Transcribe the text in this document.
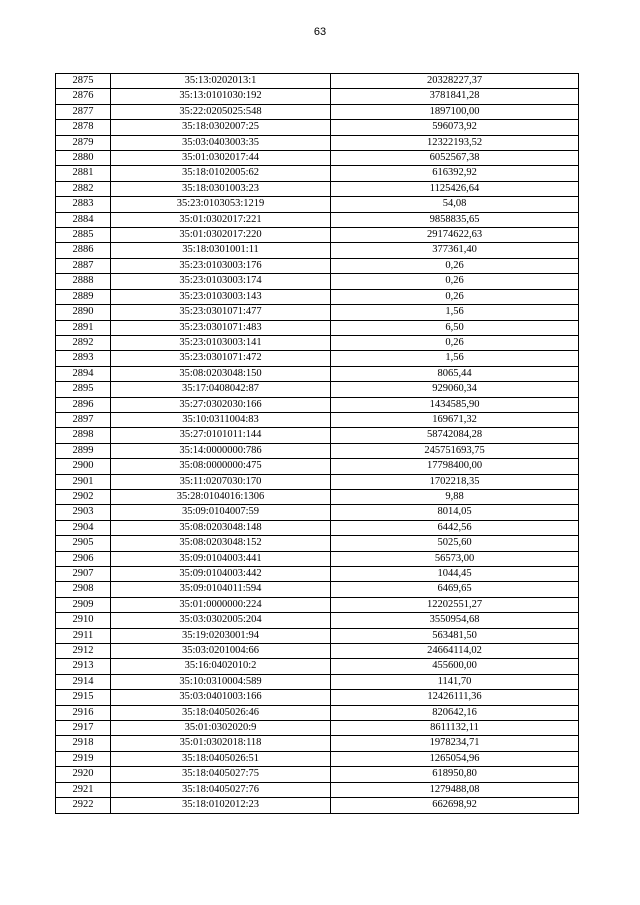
63
2875	35:13:0202013:1	20328227,37
2876	35:13:0101030:192	3781841,28
2877	35:22:0205025:548	1897100,00
2878	35:18:0302007:25	596073,92
2879	35:03:0403003:35	12322193,52
2880	35:01:0302017:44	6052567,38
2881	35:18:0102005:62	616392,92
2882	35:18:0301003:23	1125426,64
2883	35:23:0103053:1219	54,08
2884	35:01:0302017:221	9858835,65
2885	35:01:0302017:220	29174622,63
2886	35:18:0301001:11	377361,40
2887	35:23:0103003:176	0,26
2888	35:23:0103003:174	0,26
2889	35:23:0103003:143	0,26
2890	35:23:0301071:477	1,56
2891	35:23:0301071:483	6,50
2892	35:23:0103003:141	0,26
2893	35:23:0301071:472	1,56
2894	35:08:0203048:150	8065,44
2895	35:17:0408042:87	929060,34
2896	35:27:0302030:166	1434585,90
2897	35:10:0311004:83	169671,32
2898	35:27:0101011:144	58742084,28
2899	35:14:0000000:786	245751693,75
2900	35:08:0000000:475	17798400,00
2901	35:11:0207030:170	1702218,35
2902	35:28:0104016:1306	9,88
2903	35:09:0104007:59	8014,05
2904	35:08:0203048:148	6442,56
2905	35:08:0203048:152	5025,60
2906	35:09:0104003:441	56573,00
2907	35:09:0104003:442	1044,45
2908	35:09:0104011:594	6469,65
2909	35:01:0000000:224	12202551,27
2910	35:03:0302005:204	3550954,68
2911	35:19:0203001:94	563481,50
2912	35:03:0201004:66	24664114,02
2913	35:16:0402010:2	455600,00
2914	35:10:0310004:589	1141,70
2915	35:03:0401003:166	12426111,36
2916	35:18:0405026:46	820642,16
2917	35:01:0302020:9	8611132,11
2918	35:01:0302018:118	1978234,71
2919	35:18:0405026:51	1265054,96
2920	35:18:0405027:75	618950,80
2921	35:18:0405027:76	1279488,08
2922	35:18:0102012:23	662698,92
